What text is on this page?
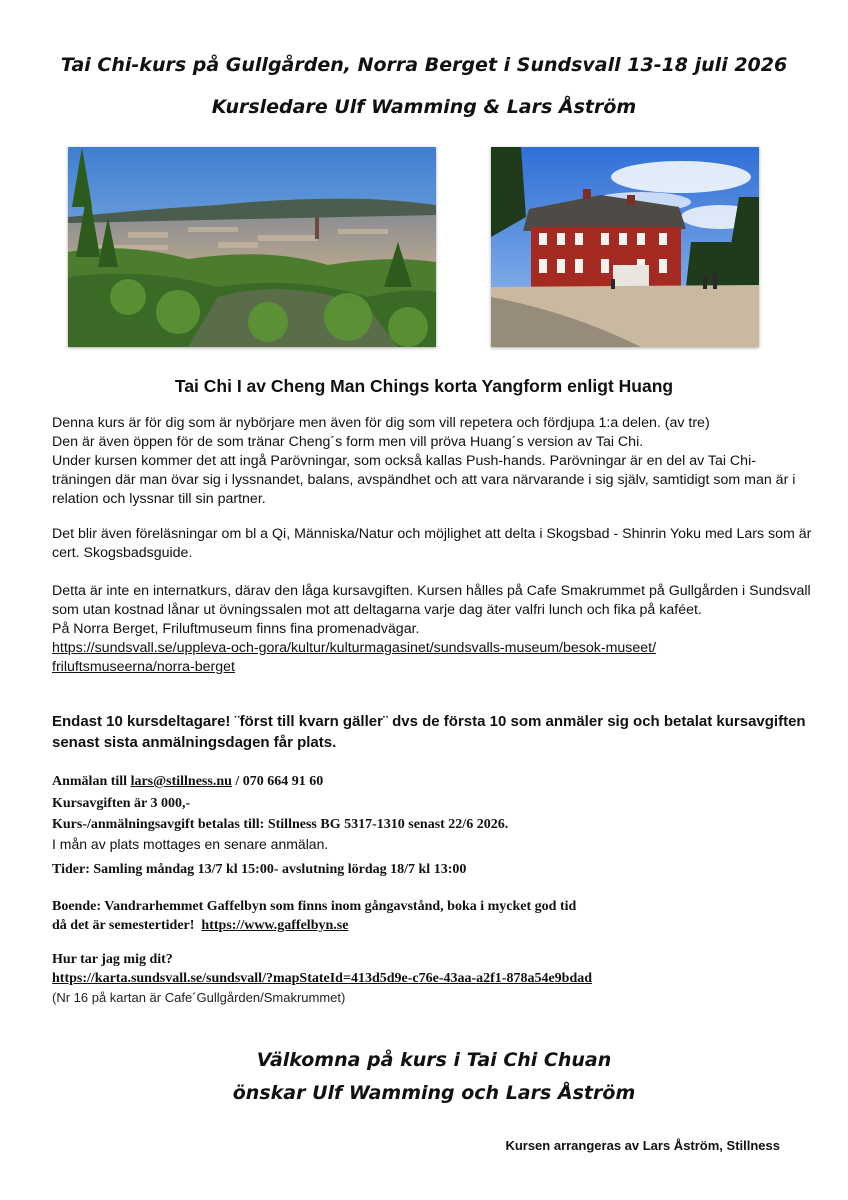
Tai Chi-kurs på Gullgården, Norra Berget i Sundsvall 13-18 juli 2026
Kursledare Ulf Wamming & Lars Åström
Tai Chi I av Cheng Man Chings korta Yangform enligt Huang

Denna kurs är för dig som är nybörjare men även för dig som vill repetera och fördjupa 1:a delen. (av tre)

Den är även öppen för de som tränar Cheng´s form men vill pröva Huang´s version av Tai Chi.

Under kursen kommer det att ingå Parövningar, som också kallas Push-hands. Parövningar är en del av Tai Chi-träningen där man övar sig i lyssnandet, balans, avspändhet och att vara närvarande i sig själv, samtidigt som man är i relation och lyssnar till sin partner.

Det blir även föreläsningar om bl a Qi, Människa/Natur och möjlighet att delta i Skogsbad - Shinrin Yoku med Lars som är cert. Skogsbadsguide.

Detta är inte en internatkurs, därav den låga kursavgiften. Kursen hålles på Cafe Smakrummet på Gullgården i Sundsvall som utan kostnad lånar ut övningssalen mot att deltagarna varje dag äter valfri lunch och fika på kaféet.

På Norra Berget, Friluftmuseum finns fina promenadvägar.

https://sundsvall.se/uppleva-och-gora/kultur/kulturmagasinet/sundsvalls-museum/besok-museet/

friluftsmuseerna/norra-berget

Endast 10 kursdeltagare! ¨först till kvarn gäller¨ dvs de första 10 som anmäler sig och betalat kursavgiften senast sista anmälningsdagen får plats.

Anmälan till lars@stillness.nu / 070 664 91 60

Kursavgiften är 3 000,-

Kurs-/anmälningsavgift betalas till: Stillness BG 5317-1310 senast 22/6 2026.

I mån av plats mottages en senare anmälan.

Tider: Samling måndag 13/7 kl 15:00- avslutning lördag 18/7 kl 13:00

Boende: Vandrarhemmet Gaffelbyn som finns inom gångavstånd, boka i mycket god tid

då det är semestertider! https://www.gaffelbyn.se

Hur tar jag mig dit?

https://karta.sundsvall.se/sundsvall/?mapStateId=413d5d9e-c76e-43aa-a2f1-878a54e9bdad

(Nr 16 på kartan är Cafe´Gullgården/Smakrummet)

Välkomna på kurs i Tai Chi Chuan

önskar Ulf Wamming och Lars Åström

Kursen arrangeras av Lars Åström, Stillness
